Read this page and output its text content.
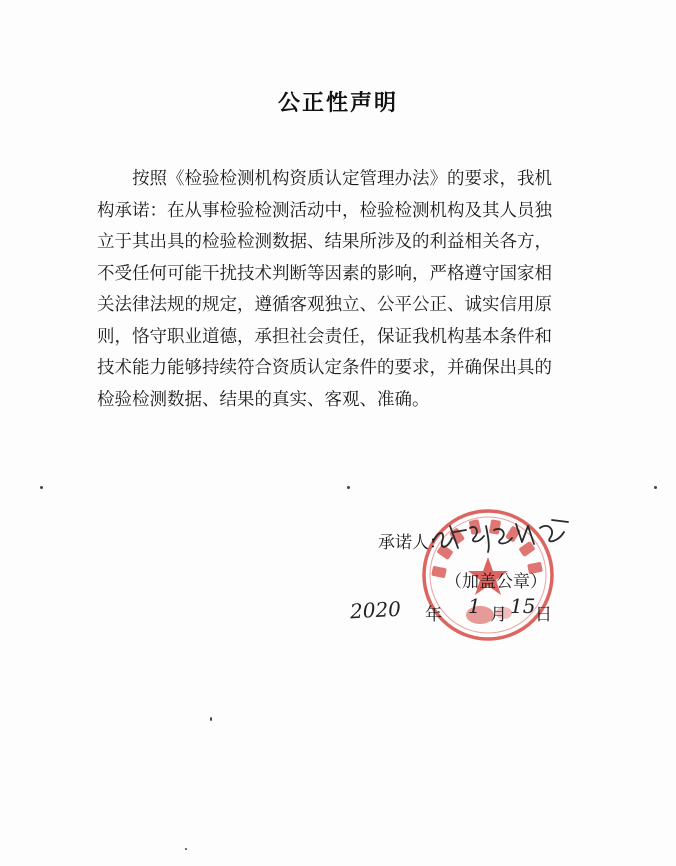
公正性声明
按照《检验检测机构资质认定管理办法》的要求，我机
构承诺：在从事检验检测活动中，检验检测机构及其人员独
立于其出具的检验检测数据、结果所涉及的利益相关各方，
不受任何可能干扰技术判断等因素的影响，严格遵守国家相
关法律法规的规定，遵循客观独立、公平公正、诚实信用原
则，恪守职业道德，承担社会责任，保证我机构基本条件和
技术能力能够持续符合资质认定条件的要求，并确保出具的
检验检测数据、结果的真实、客观、准确。
承诺人：
（加盖公章）
2020 年 1 月 15 日
